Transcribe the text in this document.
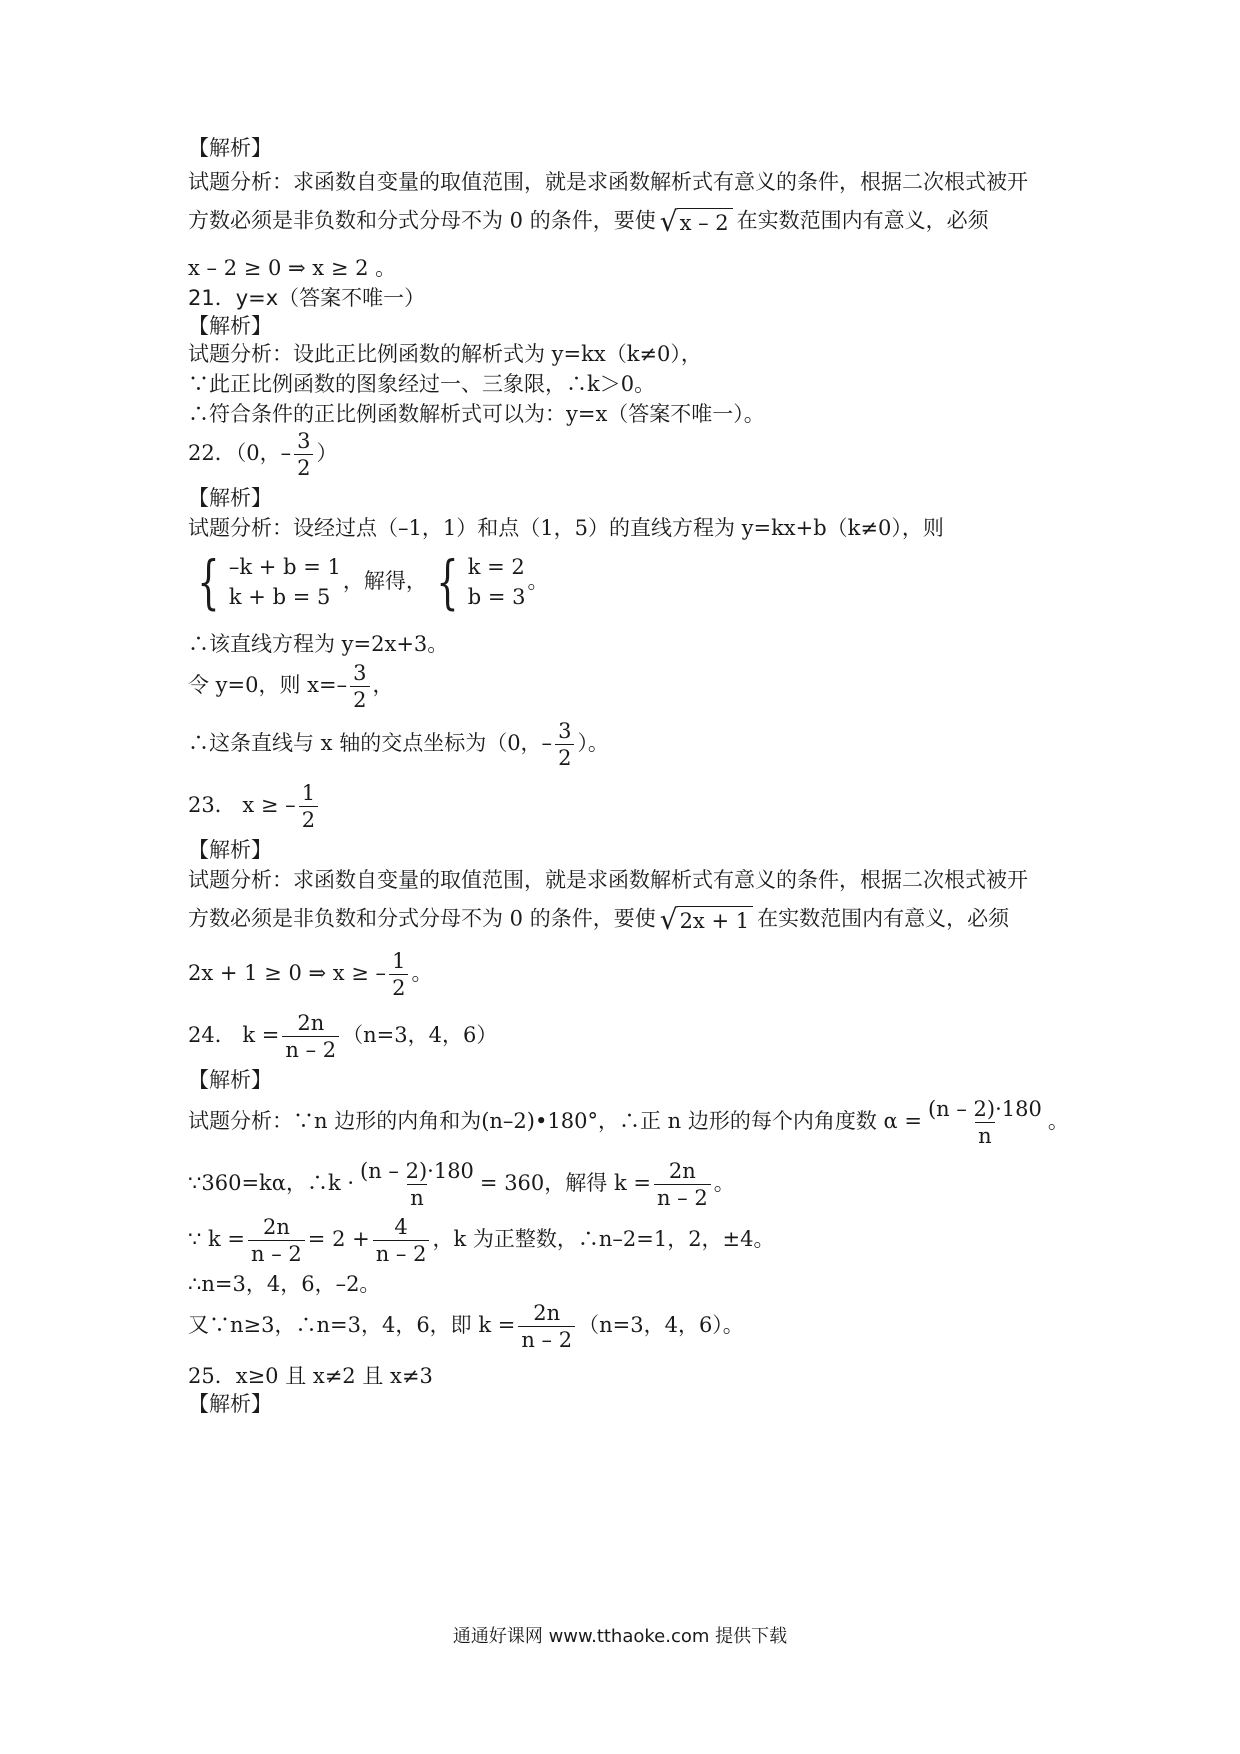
【解析】
试题分析：求函数自变量的取值范围，就是求函数解析式有意义的条件，根据二次根式被开
方数必须是非负数和分式分母不为 0 的条件，要使 √ x – 2 在实数范围内有意义，必须
x – 2 ≥ 0 ⇒ x ≥ 2 。
21．y=x（答案不唯一）
【解析】
试题分析：设此正比例函数的解析式为 y=kx（k≠0），
∵此正比例函数的图象经过一、三象限，∴k＞0。
∴符合条件的正比例函数解析式可以为：y=x（答案不唯一）。
22．（0，– $\frac{3}{2}$ ）
【解析】
试题分析：设经过点（–1，1）和点（1，5）的直线方程为 y=kx+b（k≠0），则
{ –k + b = 1
k + b = 5
，解得， { k = 2
b = 3
。
∴该直线方程为 y=2x+3。
令 y=0，则 $x=- \frac{3}{2}$ ，
∴这条直线与 x 轴的交点坐标为（0，– $\frac{3}{2}$ ）。
23． x ≥ – $\frac{1}{2}$
【解析】
试题分析：求函数自变量的取值范围，就是求函数解析式有意义的条件，根据二次根式被开
方数必须是非负数和分式分母不为 0 的条件，要使 √ 2x + 1 在实数范围内有意义，必须
2x + 1 ≥ 0 ⇒ x ≥ – $\frac{1}{2}$ 。
24． $k = \frac{2n}{n - 2} (n=3$，4，6）
【解析】
试题分析：∵n 边形的内角和为(n–2)•180°，∴正 n 边形的每个内角度数 $\alpha = \frac{(n - 2)\cdot 180}{n}$ 。
∵360=kα，∴k · $\frac{(n - 2)\cdot 180}{n} = 360$，解得 $k = \frac{2n}{n - 2}$ 。
∵ $k = \frac{2n}{n - 2} = 2 + \frac{4}{n - 2}$ ，k 为正整数，∴n–2=1，2，±4。
∴n=3，4，6，–2。
又∵n≥3，∴n=3，4，6，即 $k = \frac{2n}{n - 2} (n=3$，4，6）。
25．x≥0 且 x≠2 且 x≠3
【解析】
通通好课网 www.tthaoke.com 提供下载
